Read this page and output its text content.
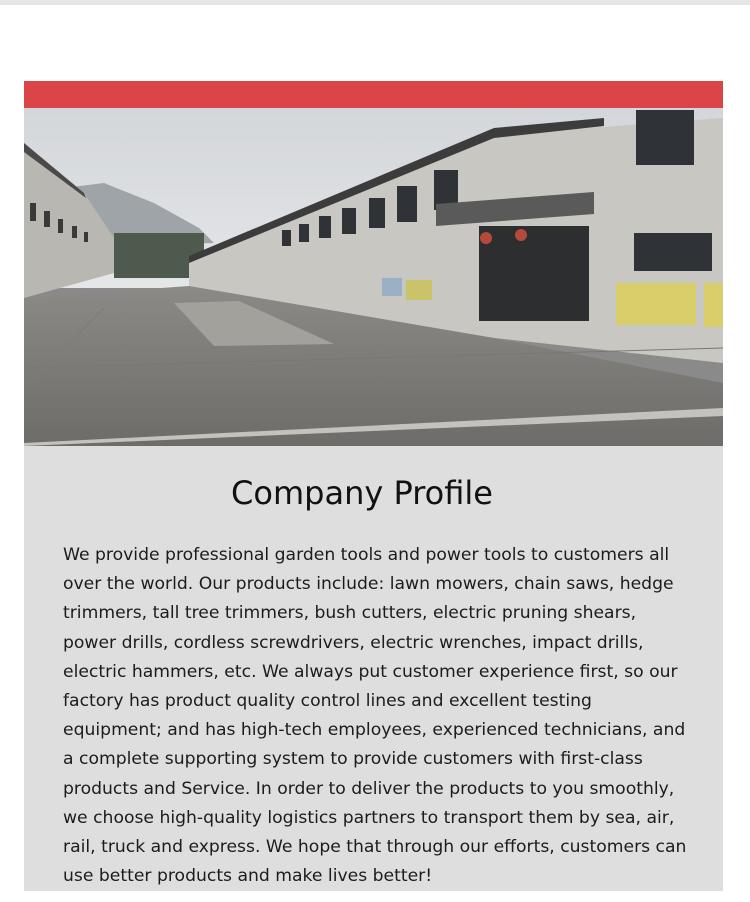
Company Profile

We provide professional garden tools and power tools to customers all over the world. Our products include: lawn mowers, chain saws, hedge trimmers, tall tree trimmers, bush cutters, electric pruning shears, power drills, cordless screwdrivers, electric wrenches, impact drills, electric hammers, etc. We always put customer experience first, so our factory has product quality control lines and excellent testing equipment; and has high-tech employees, experienced technicians, and a complete supporting system to provide customers with first-class products and Service. In order to deliver the products to you smoothly, we choose high-quality logistics partners to transport them by sea, air, rail, truck and express. We hope that through our efforts, customers can use better products and make lives better!
